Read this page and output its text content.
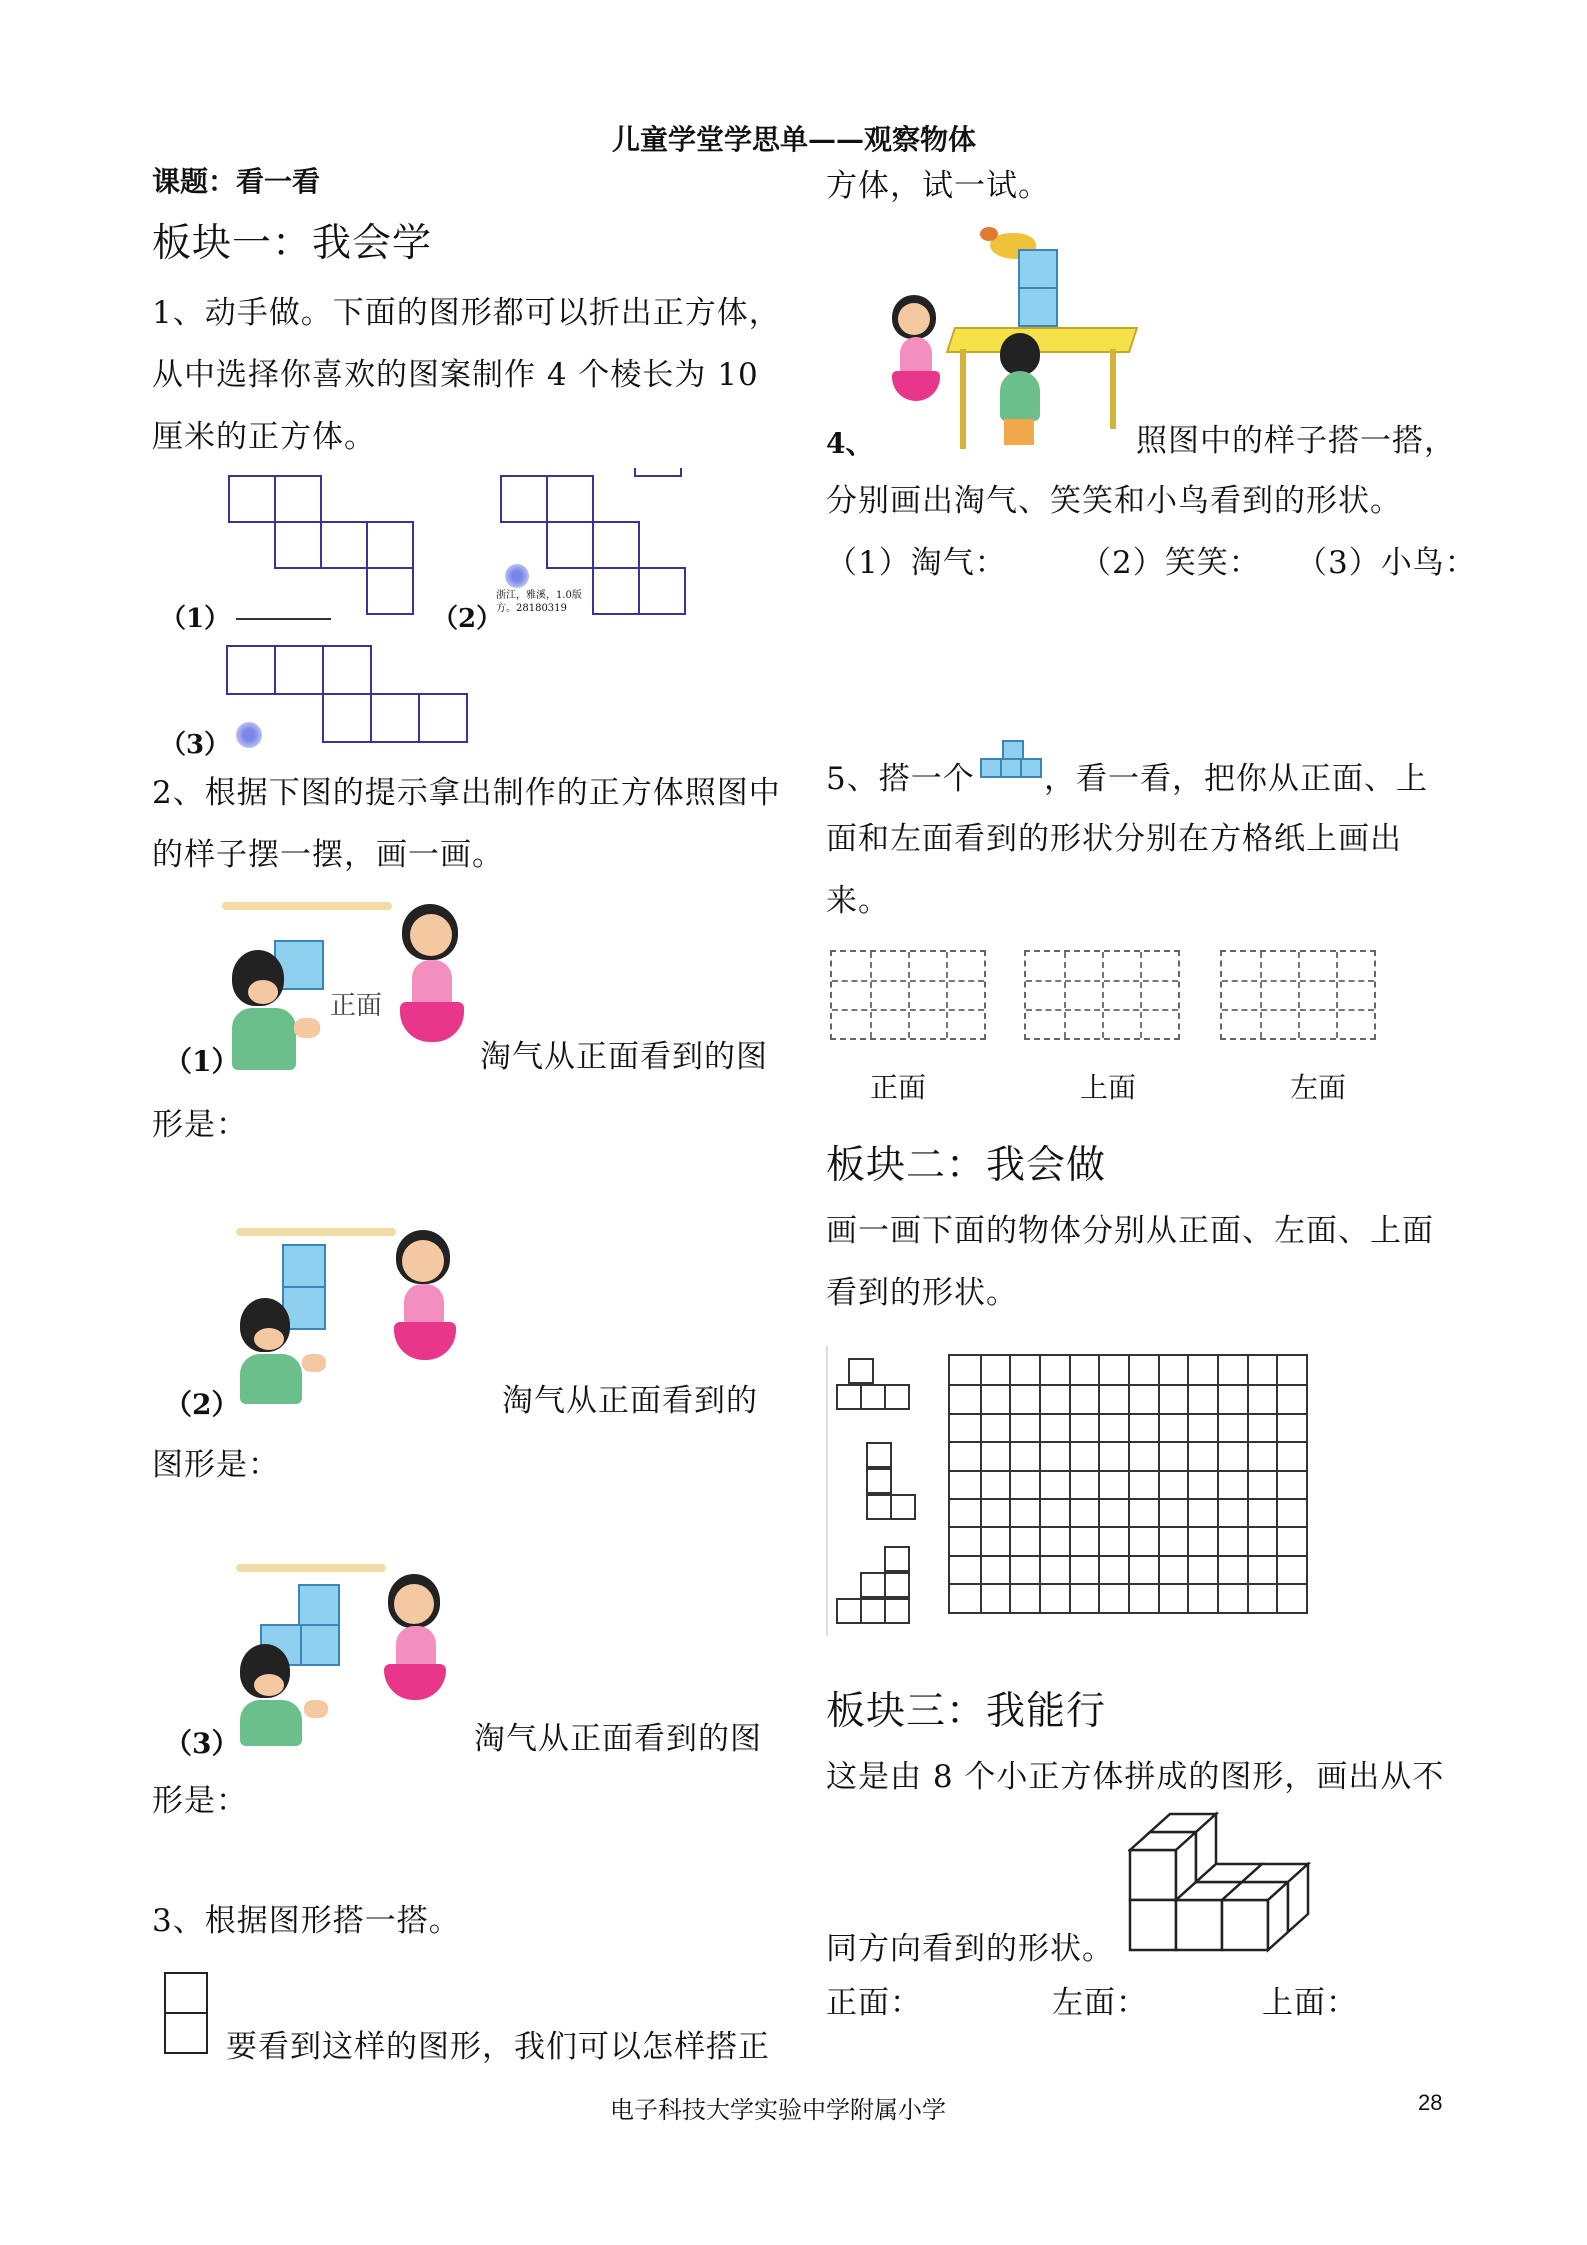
儿童学堂学思单——观察物体
课题：看一看
板块一：我会学
1、动手做。下面的图形都可以折出正方体，
从中选择你喜欢的图案制作 4 个棱长为 10
厘米的正方体。
（1）
浙江，雅溪，1.0版
方。28180319
（2）
（3）
2、根据下图的提示拿出制作的正方体照图中
的样子摆一摆，画一画。
正面
（1）	淘气从正面看到的图
形是：
（2）	淘气从正面看到的
图形是：
（3）	淘气从正面看到的图
形是：
3、根据图形搭一搭。
要看到这样的图形，我们可以怎样搭正
方体，试一试。
4、	照图中的样子搭一搭，
分别画出淘气、笑笑和小鸟看到的形状。
（1）淘气： （2）笑笑： （3）小鸟：
5、搭一个 ，看一看，把你从正面、上
面和左面看到的形状分别在方格纸上画出
来。
正面	上面	左面
板块二：我会做
画一画下面的物体分别从正面、左面、上面
看到的形状。
板块三：我能行
这是由 8 个小正方体拼成的图形，画出从不
同方向看到的形状。
正面：	左面：	上面：
电子科技大学实验中学附属小学	28
